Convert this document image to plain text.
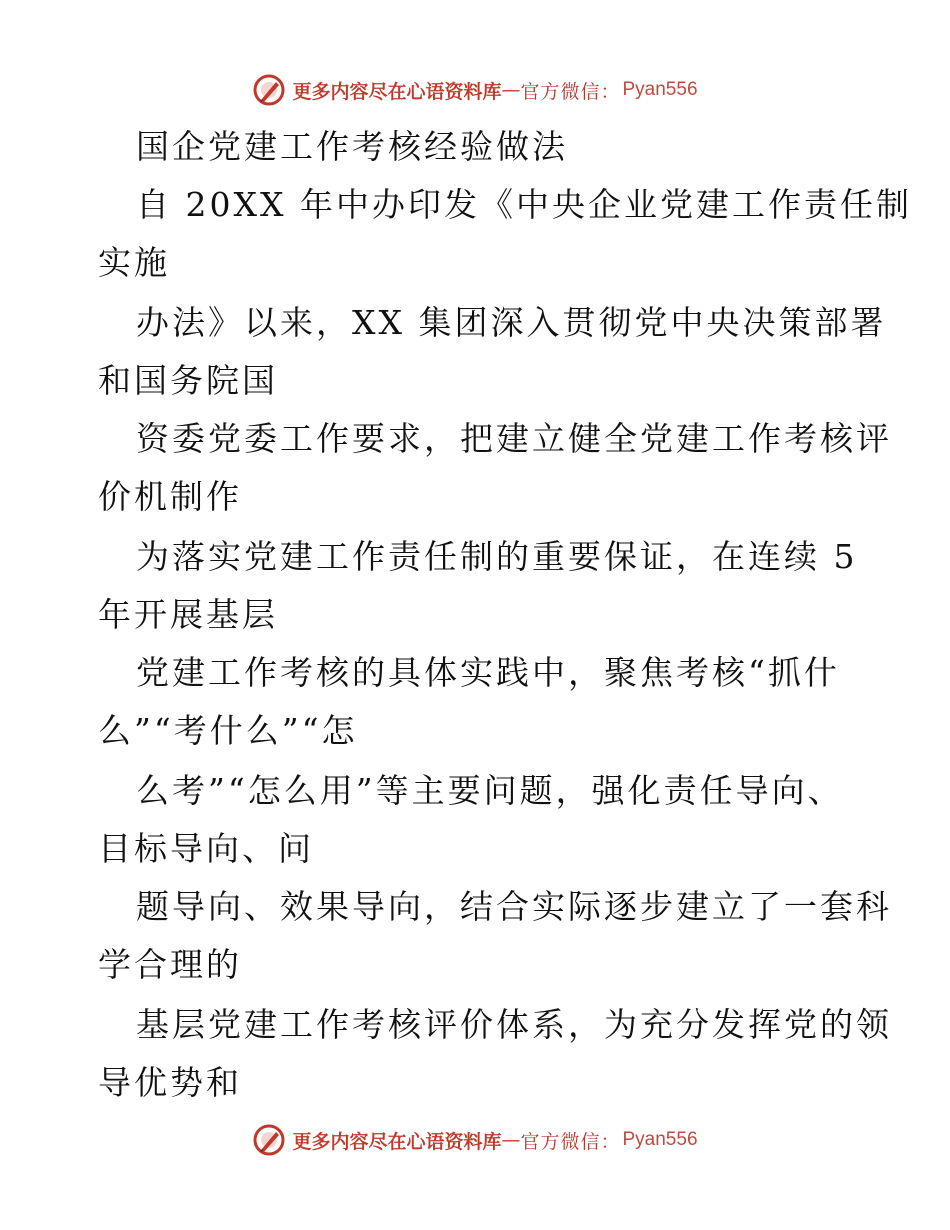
更多内容尽在心语资料库 — 官方微信： Pyan556
国企党建工作考核经验做法
自 20XX 年中办印发《中央企业党建工作责任制
实施
办法》以来，XX 集团深入贯彻党中央决策部署
和国务院国
资委党委工作要求，把建立健全党建工作考核评
价机制作
为落实党建工作责任制的重要保证，在连续 5
年开展基层
党建工作考核的具体实践中，聚焦考核“抓什
么”“考什么”“怎
么考”“怎么用”等主要问题，强化责任导向、
目标导向、问
题导向、效果导向，结合实际逐步建立了一套科
学合理的
基层党建工作考核评价体系，为充分发挥党的领
导优势和
更多内容尽在心语资料库 — 官方微信： Pyan556
